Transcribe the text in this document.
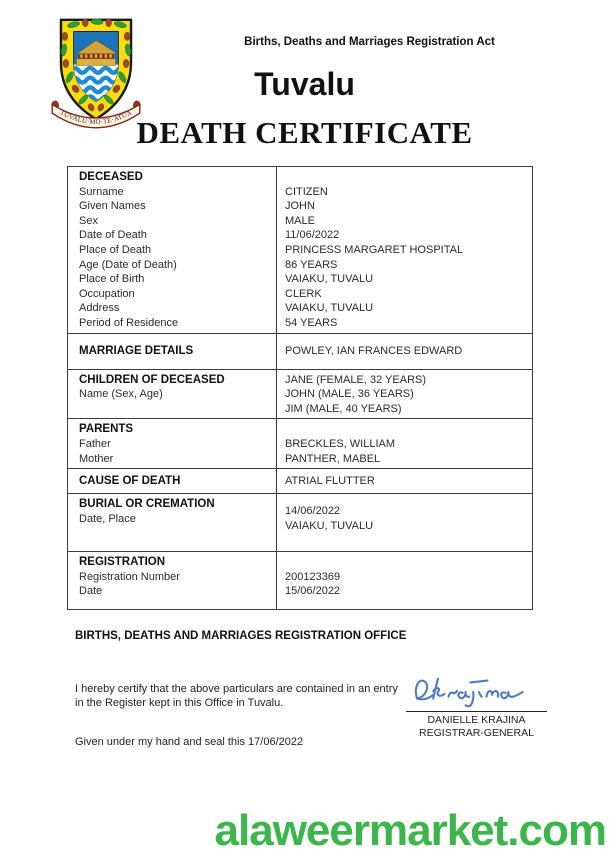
TUVALU·MO·TE·ATUA
Births, Deaths and Marriages Registration Act
Tuvalu
DEATH CERTIFICATE
DECEASED
Surname
Given Names
Sex
Date of Death
Place of Death
Age (Date of Death)
Place of Birth
Occupation
Address
Period of Residence
CITIZEN
JOHN
MALE
11/06/2022
PRINCESS MARGARET HOSPITAL
86 YEARS
VAIAKU, TUVALU
CLERK
VAIAKU, TUVALU
54 YEARS
MARRIAGE DETAILS	POWLEY, IAN FRANCES EDWARD
CHILDREN OF DECEASED
Name (Sex, Age)
JANE (FEMALE, 32 YEARS)
JOHN (MALE, 36 YEARS)
JIM (MALE, 40 YEARS)
PARENTS
Father
Mother
BRECKLES, WILLIAM
PANTHER, MABEL
CAUSE OF DEATH	ATRIAL FLUTTER
BURIAL OR CREMATION
Date, Place
14/06/2022
VAIAKU, TUVALU
REGISTRATION
Registration Number
Date
200123369
15/06/2022
BIRTHS, DEATHS AND MARRIAGES REGISTRATION OFFICE
I hereby certify that the above particulars are contained in an entry
in the Register kept in this Office in Tuvalu.
DANIELLE KRAJINA
REGISTRAR-GENERAL
Given under my hand and seal this 17/06/2022
alaweermarket.com
